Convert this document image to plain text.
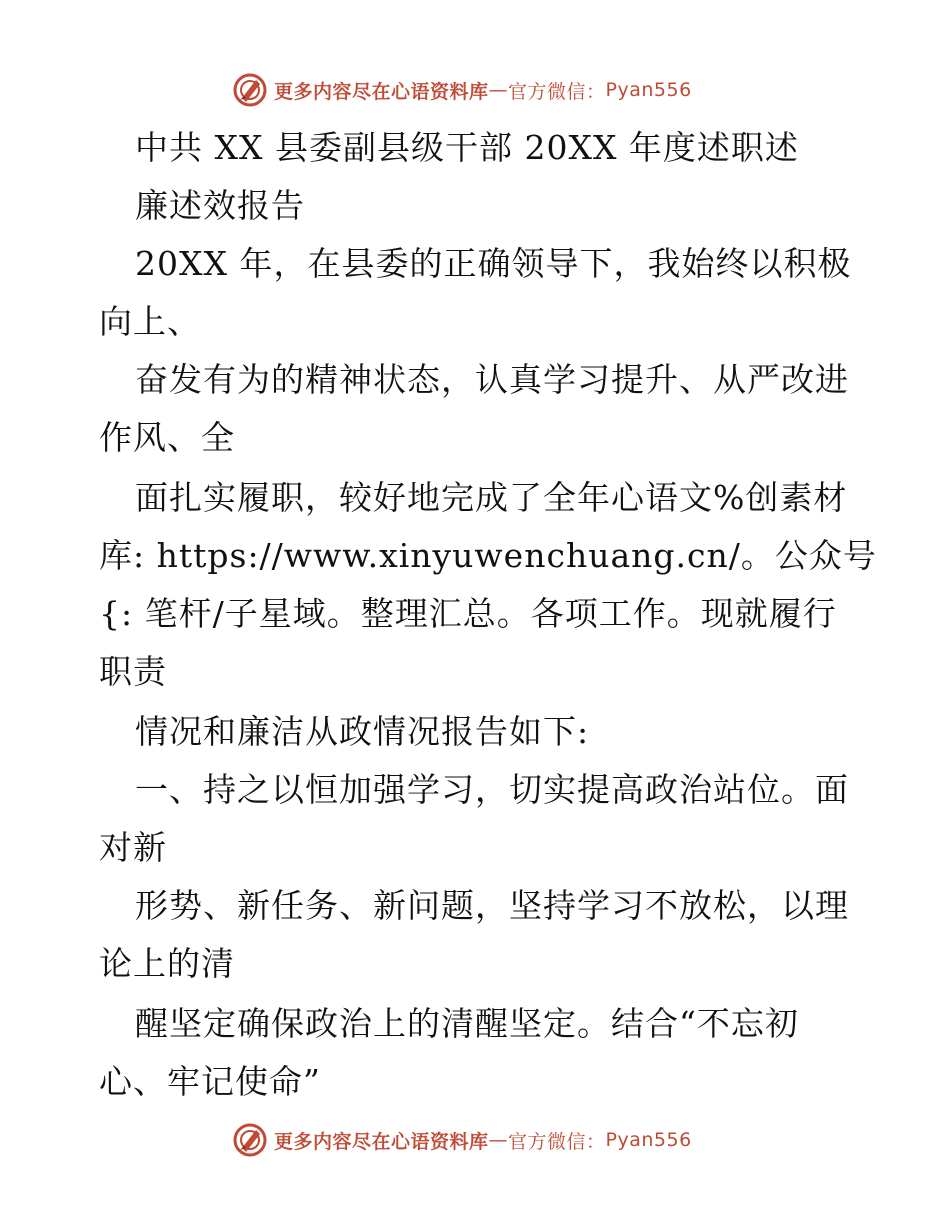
更多内容尽在心语资料库 — 官方微信： Pyan556
中共 XX 县委副县级干部 20XX 年度述职述
廉述效报告
20XX 年，在县委的正确领导下，我始终以积极
向上、
奋发有为的精神状态，认真学习提升、从严改进
作风、全
面扎实履职，较好地完成了全年心语文%创素材
库: https://www.xinyuwenchuang.cn/。公众号
{: 笔杆/子星域。整理汇总。各项工作。现就履行
职责
情况和廉洁从政情况报告如下:
一、持之以恒加强学习，切实提高政治站位。面
对新
形势、新任务、新问题，坚持学习不放松，以理
论上的清
醒坚定确保政治上的清醒坚定。结合“不忘初
心、牢记使命”
更多内容尽在心语资料库 — 官方微信： Pyan556
